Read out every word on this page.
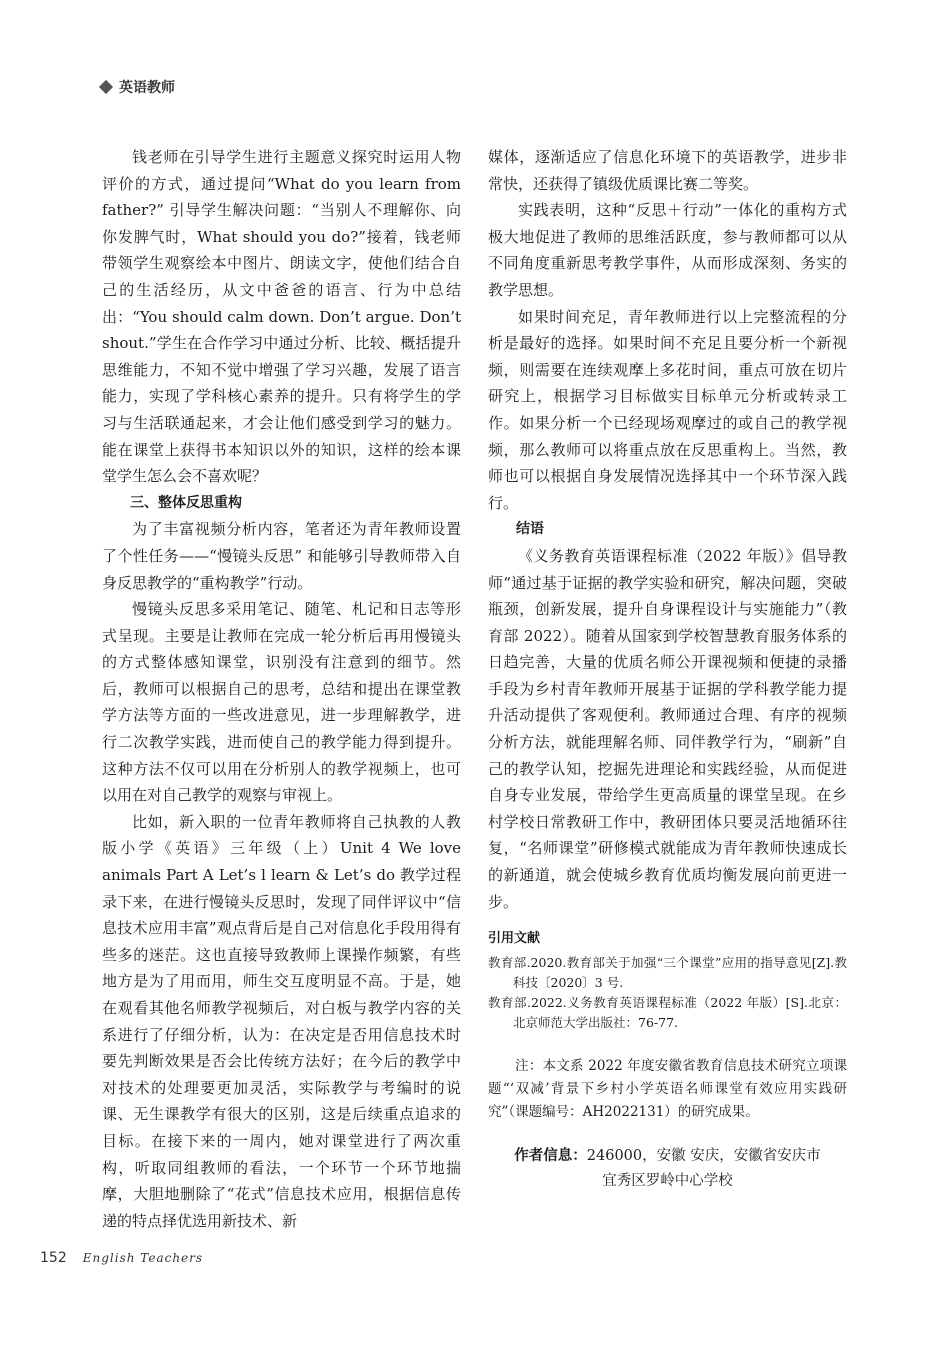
英语教师

钱老师在引导学生进行主题意义探究时运用人物评价的方式，通过提问“What do you learn from father?” 引导学生解决问题：“当别人不理解你、向你发脾气时，What should you do?”接着，钱老师带领学生观察绘本中图片、朗读文字，使他们结合自己的生活经历，从文中爸爸的语言、行为中总结出：“You should calm down. Don’t argue. Don’t shout.”学生在合作学习中通过分析、比较、概括提升思维能力，不知不觉中增强了学习兴趣，发展了语言能力，实现了学科核心素养的提升。只有将学生的学习与生活联通起来，才会让他们感受到学习的魅力。能在课堂上获得书本知识以外的知识，这样的绘本课堂学生怎么会不喜欢呢？

三、整体反思重构

为了丰富视频分析内容，笔者还为青年教师设置了个性任务——“慢镜头反思” 和能够引导教师带入自身反思教学的“重构教学”行动。

慢镜头反思多采用笔记、随笔、札记和日志等形式呈现。主要是让教师在完成一轮分析后再用慢镜头的方式整体感知课堂，识别没有注意到的细节。然后，教师可以根据自己的思考，总结和提出在课堂教学方法等方面的一些改进意见，进一步理解教学，进行二次教学实践，进而使自己的教学能力得到提升。这种方法不仅可以用在分析别人的教学视频上，也可以用在对自己教学的观察与审视上。

比如，新入职的一位青年教师将自己执教的人教版小学《英语》三年级（上）Unit 4 We love animals Part A Let’s l learn & Let’s do 教学过程录下来，在进行慢镜头反思时，发现了同伴评议中“信息技术应用丰富”观点背后是自己对信息化手段用得有些多的迷茫。这也直接导致教师上课操作频繁，有些地方是为了用而用，师生交互度明显不高。于是，她在观看其他名师教学视频后，对白板与教学内容的关系进行了仔细分析，认为：在决定是否用信息技术时要先判断效果是否会比传统方法好；在今后的教学中对技术的处理要更加灵活，实际教学与考编时的说课、无生课教学有很大的区别，这是后续重点追求的目标。在接下来的一周内，她对课堂进行了两次重构，听取同组教师的看法，一个环节一个环节地揣摩，大胆地删除了“花式”信息技术应用，根据信息传递的特点择优选用新技术、新

媒体，逐渐适应了信息化环境下的英语教学，进步非常快，还获得了镇级优质课比赛二等奖。

实践表明，这种“反思＋行动”一体化的重构方式极大地促进了教师的思维活跃度，参与教师都可以从不同角度重新思考教学事件，从而形成深刻、务实的教学思想。

如果时间充足，青年教师进行以上完整流程的分析是最好的选择。如果时间不充足且要分析一个新视频，则需要在连续观摩上多花时间，重点可放在切片研究上，根据学习目标做实目标单元分析或转录工作。如果分析一个已经现场观摩过的或自己的教学视频，那么教师可以将重点放在反思重构上。当然，教师也可以根据自身发展情况选择其中一个环节深入践行。

结语

《义务教育英语课程标准（2022 年版）》倡导教师“通过基于证据的教学实验和研究，解决问题，突破瓶颈，创新发展，提升自身课程设计与实施能力”（教育部 2022）。随着从国家到学校智慧教育服务体系的日趋完善，大量的优质名师公开课视频和便捷的录播手段为乡村青年教师开展基于证据的学科教学能力提升活动提供了客观便利。教师通过合理、有序的视频分析方法，就能理解名师、同伴教学行为，“刷新”自己的教学认知，挖掘先进理论和实践经验，从而促进自身专业发展，带给学生更高质量的课堂呈现。在乡村学校日常教研工作中，教研团体只要灵活地循环往复，“名师课堂”研修模式就能成为青年教师快速成长的新通道，就会使城乡教育优质均衡发展向前更进一步。

引用文献

教育部.2020.教育部关于加强“三个课堂”应用的指导意见[Z].教科技〔2020〕3 号.

教育部.2022.义务教育英语课程标准（2022 年版）[S].北京：北京师范大学出版社：76-77.

注：本文系 2022 年度安徽省教育信息技术研究立项课题“‘双减’背景下乡村小学英语名师课堂有效应用实践研究”（课题编号：AH2022131）的研究成果。

作者信息：246000，安徽 安庆，安徽省安庆市
宜秀区罗岭中心学校
152 English Teachers
